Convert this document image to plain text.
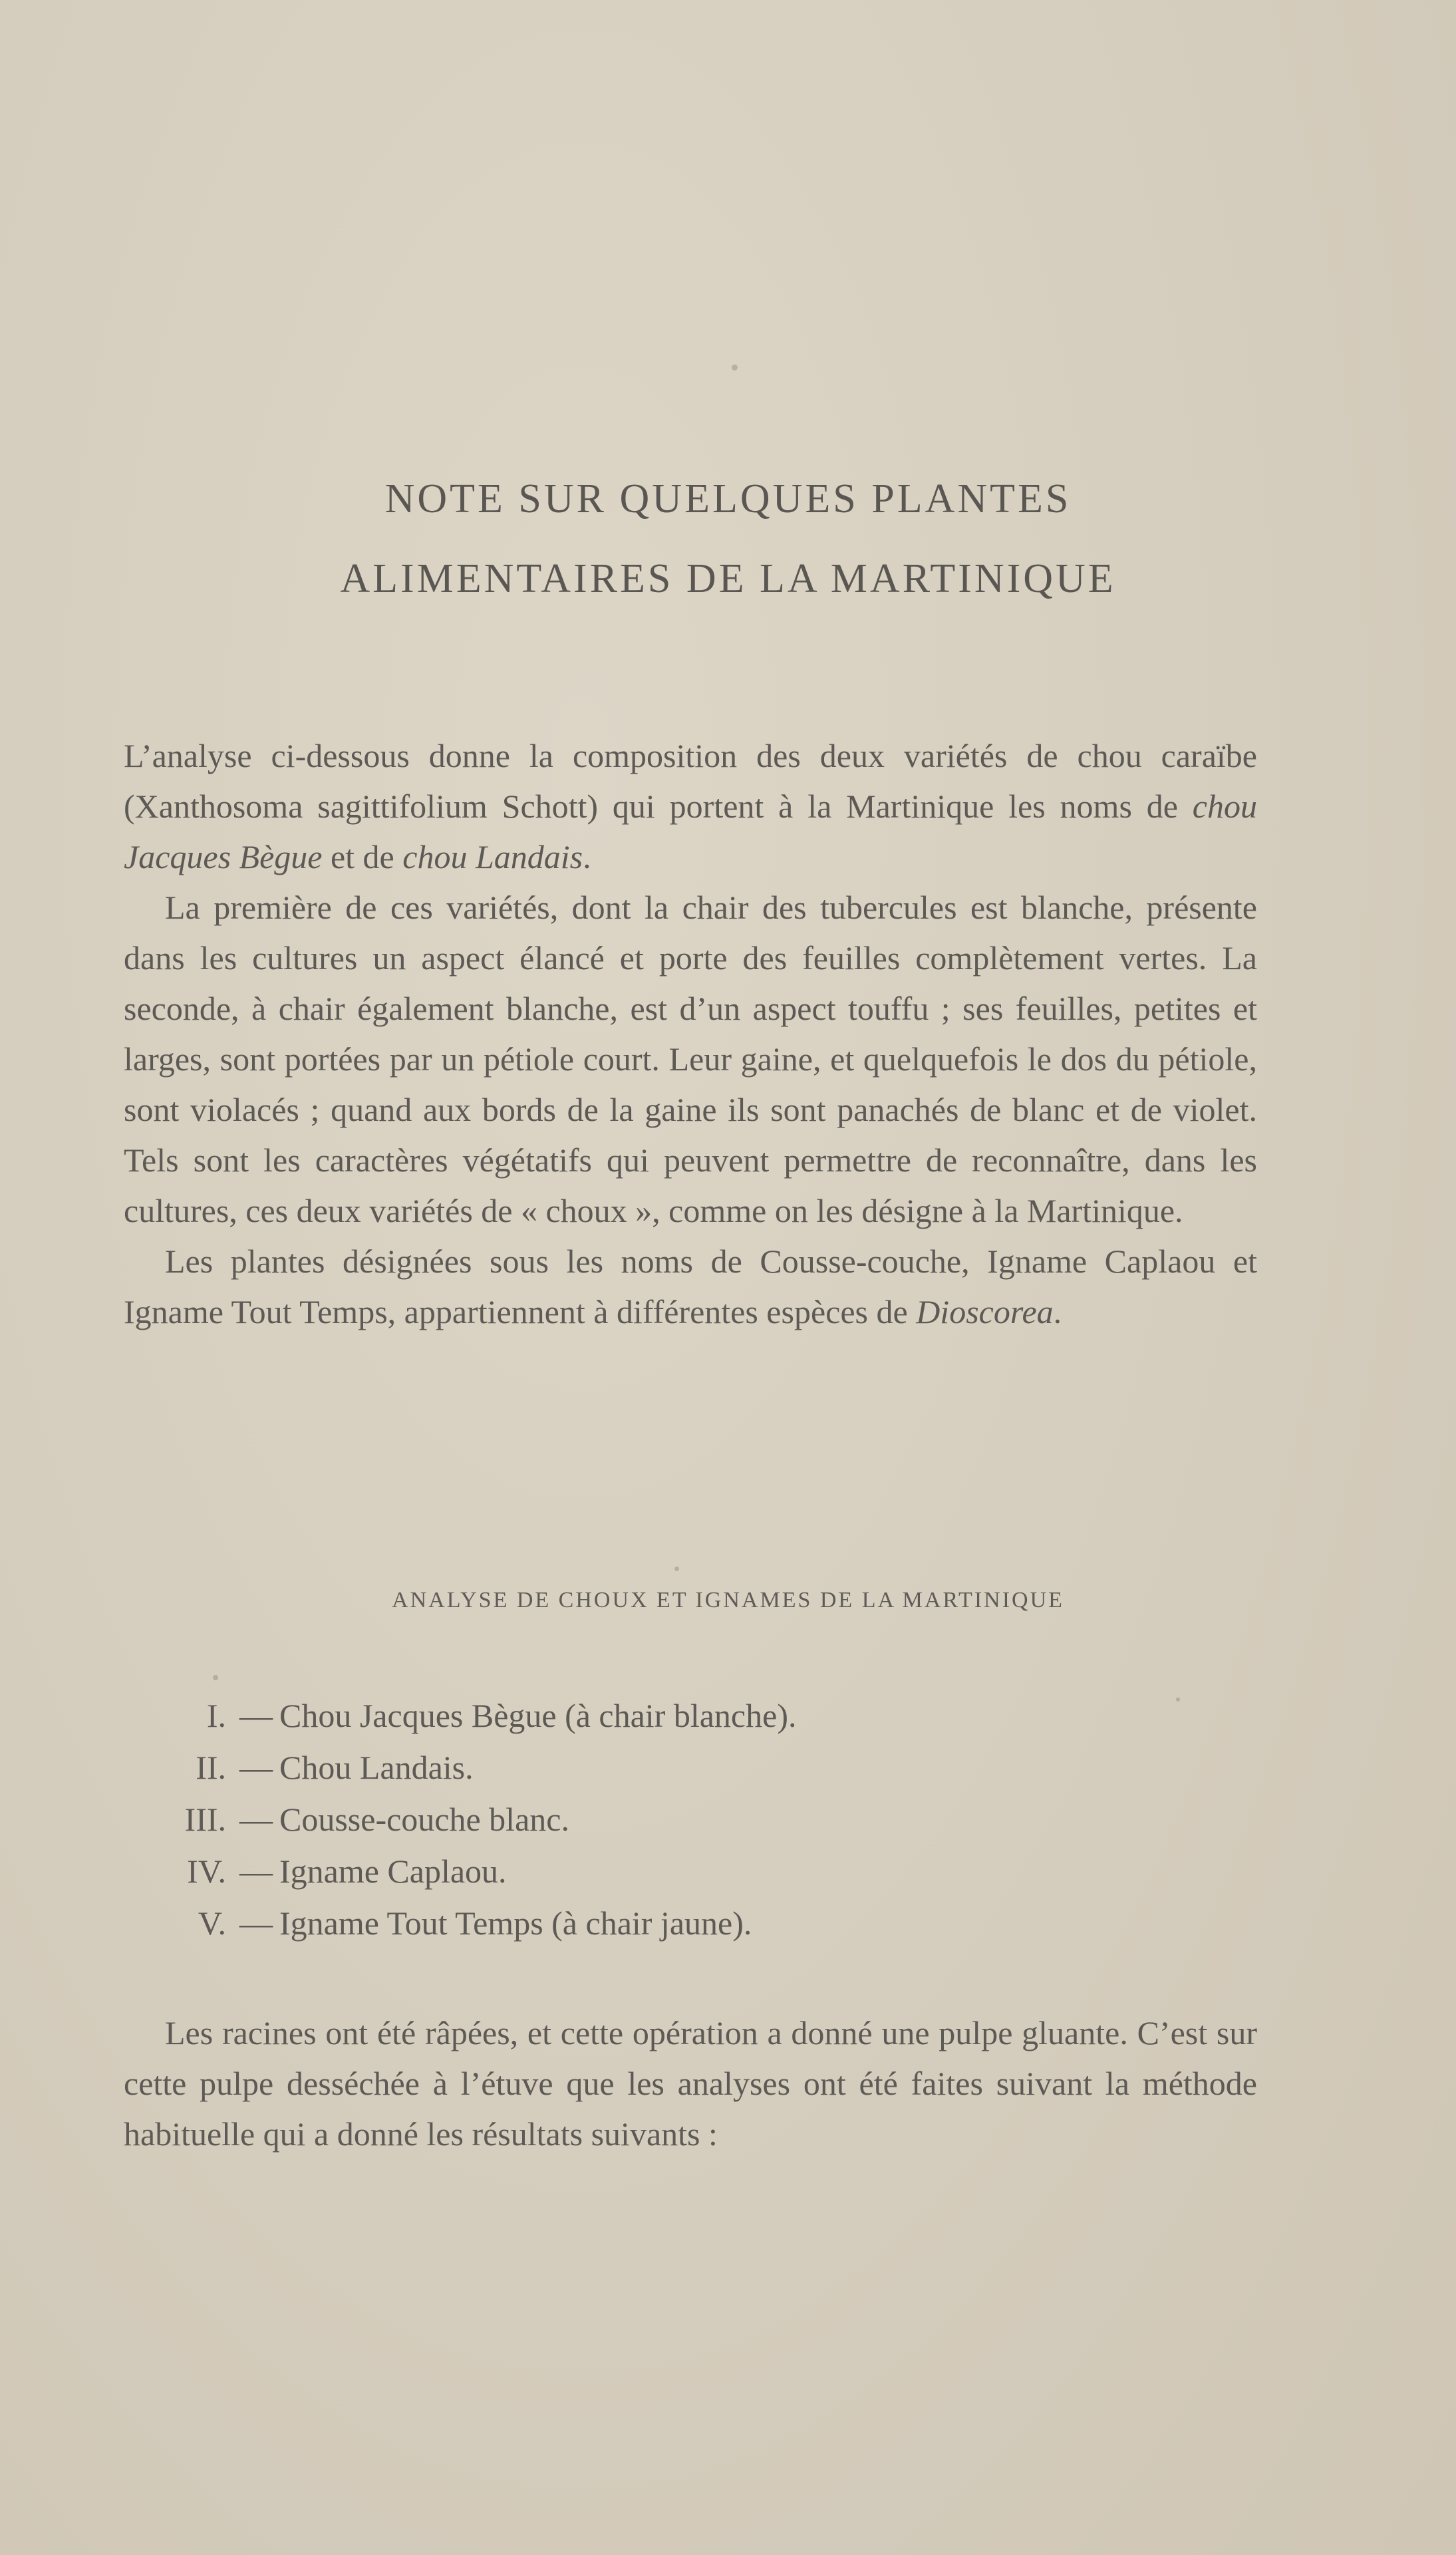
NOTE SUR QUELQUES PLANTES
ALIMENTAIRES DE LA MARTINIQUE

L’analyse ci-dessous donne la composition des deux variétés de chou caraïbe (Xanthosoma sagittifolium Schott) qui portent à la Martinique les noms de chou Jacques Bègue et de chou Landais.

La première de ces variétés, dont la chair des tubercules est blanche, présente dans les cultures un aspect élancé et porte des feuilles complètement vertes. La seconde, à chair également blanche, est d’un aspect touffu ; ses feuilles, petites et larges, sont portées par un pétiole court. Leur gaine, et quelquefois le dos du pétiole, sont violacés ; quand aux bords de la gaine ils sont panachés de blanc et de violet. Tels sont les caractères végétatifs qui peuvent permettre de reconnaître, dans les cultures, ces deux variétés de « choux », comme on les désigne à la Martinique.

Les plantes désignées sous les noms de Cousse-couche, Igname Caplaou et Igname Tout Temps, appartiennent à différentes espèces de Dioscorea.

ANALYSE DE CHOUX ET IGNAMES DE LA MARTINIQUE
I. — Chou Jacques Bègue (à chair blanche).
II. — Chou Landais.
III. — Cousse-couche blanc.
IV. — Igname Caplaou.
V. — Igname Tout Temps (à chair jaune).

Les racines ont été râpées, et cette opération a donné une pulpe gluante. C’est sur cette pulpe desséchée à l’étuve que les analyses ont été faites suivant la méthode habituelle qui a donné les résultats suivants :
